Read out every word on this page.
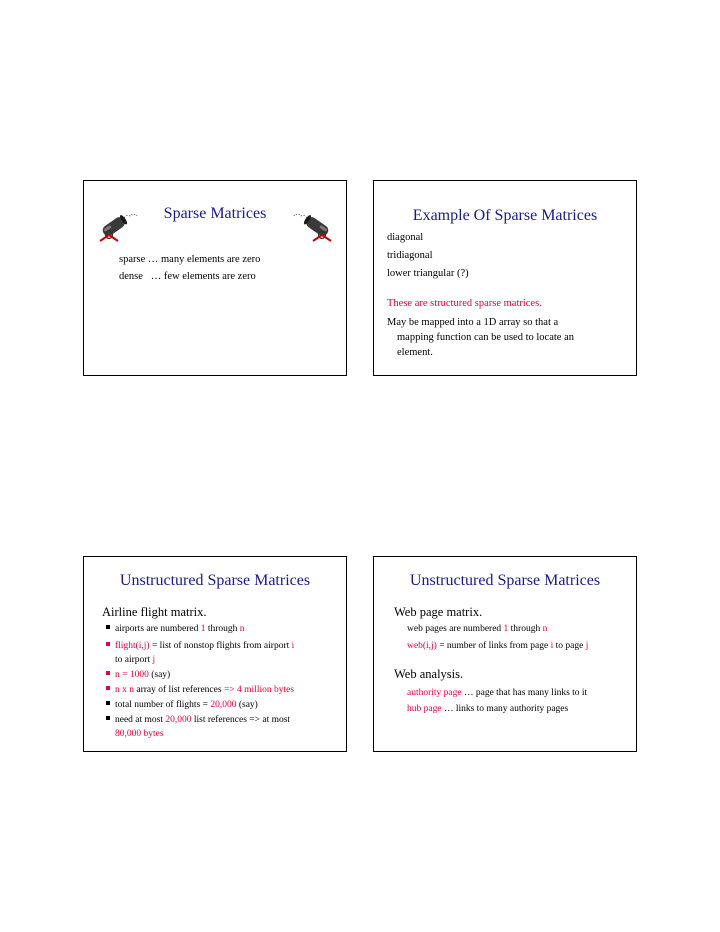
Sparse Matrices
sparse … many elements are zero
dense   … few elements are zero
Example Of Sparse Matrices
diagonal
tridiagonal
lower triangular (?)
These are structured sparse matrices.
May be mapped into a 1D array so that a
mapping function can be used to locate an
element.
Unstructured Sparse Matrices
Airline flight matrix.
airports are numbered 1 through n
flight(i,j) = list of nonstop flights from airport i
to airport j
n = 1000 (say)
n x n array of list references => 4 million bytes
total number of flights = 20,000 (say)
need at most 20,000 list references => at most
80,000 bytes
Unstructured Sparse Matrices
Web page matrix.
web pages are numbered 1 through n
web(i,j) = number of links from page i to page j
Web analysis.
authority page … page that has many links to it
hub page … links to many authority pages
